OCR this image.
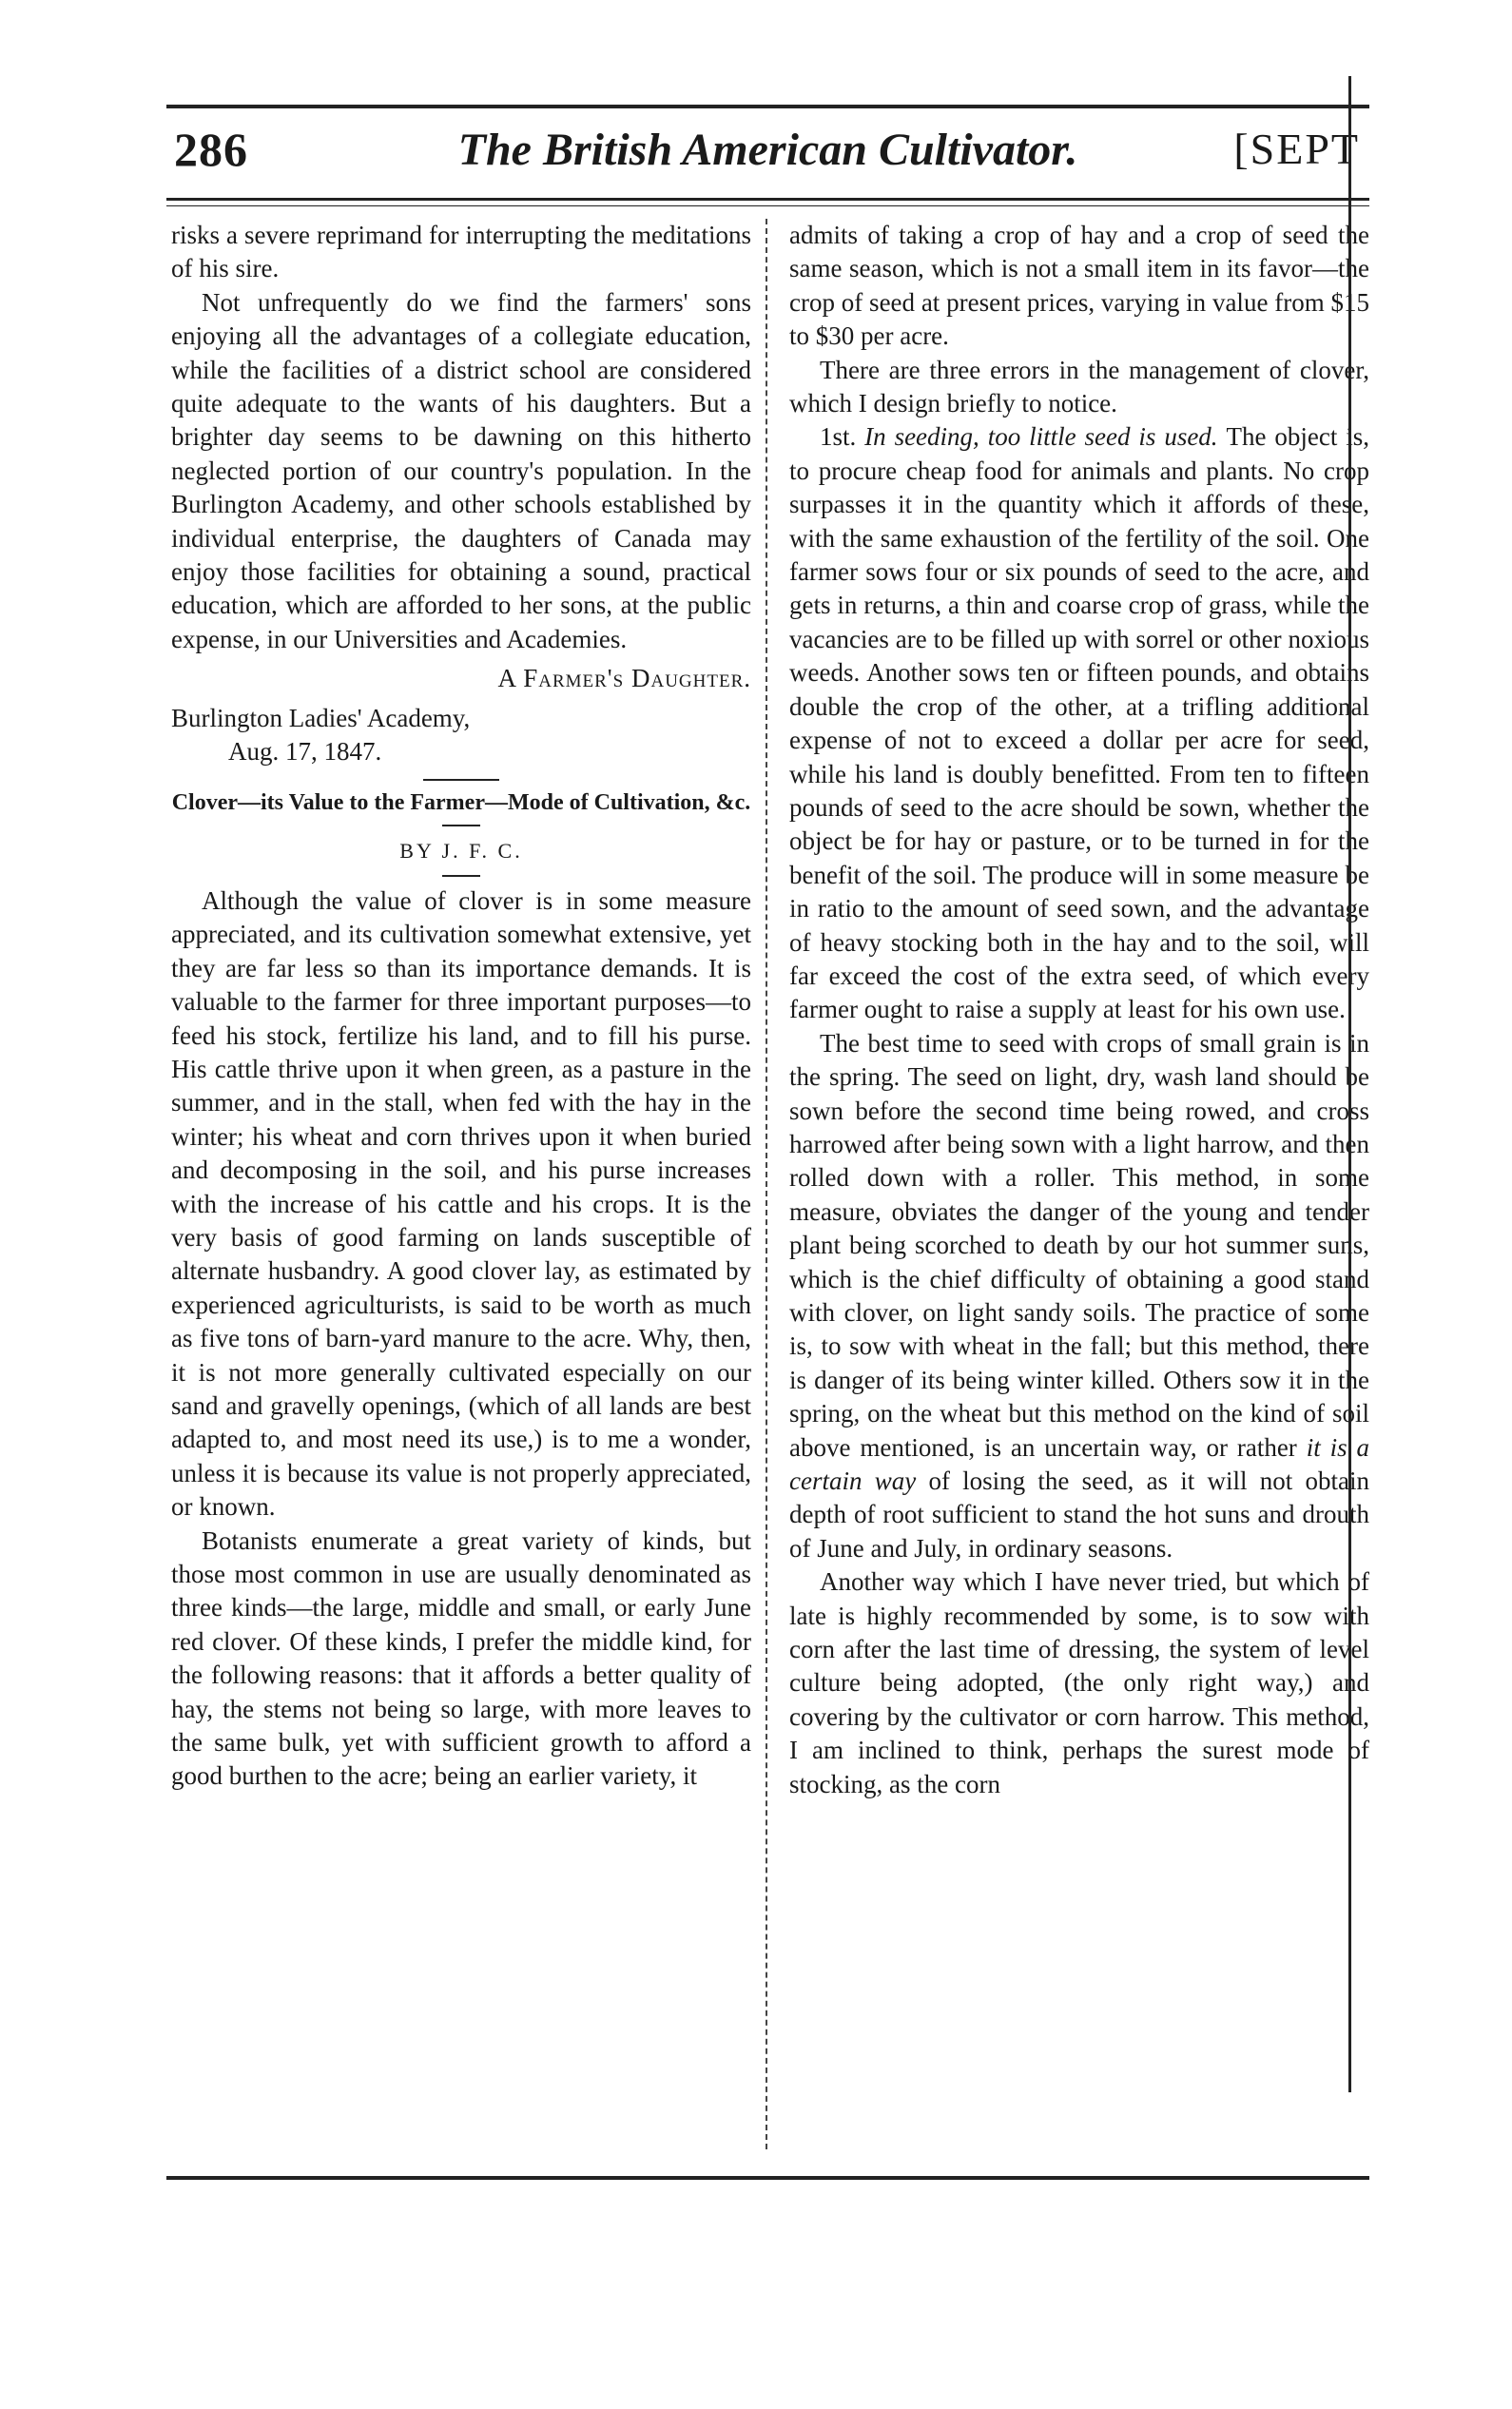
286	The British American Cultivator.	[SEPT

risks a severe reprimand for interrupting the meditations of his sire.

Not unfrequently do we find the farmers' sons enjoying all the advantages of a collegiate education, while the facilities of a district school are considered quite adequate to the wants of his daughters. But a brighter day seems to be dawning on this hitherto neglected portion of our country's population. In the Burlington Academy, and other schools established by individual enterprise, the daughters of Canada may enjoy those facilities for obtaining a sound, practical education, which are afforded to her sons, at the public expense, in our Universities and Academies.

A Farmer's Daughter.

Burlington Ladies' Academy,
Aug. 17, 1847.

Clover—its Value to the Farmer—Mode of Cultivation, &c.

BY J. F. C.

Although the value of clover is in some measure appreciated, and its cultivation somewhat extensive, yet they are far less so than its importance demands. It is valuable to the farmer for three important purposes—to feed his stock, fertilize his land, and to fill his purse. His cattle thrive upon it when green, as a pasture in the summer, and in the stall, when fed with the hay in the winter; his wheat and corn thrives upon it when buried and decomposing in the soil, and his purse increases with the increase of his cattle and his crops. It is the very basis of good farming on lands susceptible of alternate husbandry. A good clover lay, as estimated by experienced agriculturists, is said to be worth as much as five tons of barn-yard manure to the acre. Why, then, it is not more generally cultivated especially on our sand and gravelly openings, (which of all lands are best adapted to, and most need its use,) is to me a wonder, unless it is because its value is not properly appreciated, or known.

Botanists enumerate a great variety of kinds, but those most common in use are usually denominated as three kinds—the large, middle and small, or early June red clover. Of these kinds, I prefer the middle kind, for the following reasons: that it affords a better quality of hay, the stems not being so large, with more leaves to the same bulk, yet with sufficient growth to afford a good burthen to the acre; being an earlier variety, it

admits of taking a crop of hay and a crop of seed the same season, which is not a small item in its favor—the crop of seed at present prices, varying in value from $15 to $30 per acre.

There are three errors in the management of clover, which I design briefly to notice.

1st. In seeding, too little seed is used. The object is, to procure cheap food for animals and plants. No crop surpasses it in the quantity which it affords of these, with the same exhaustion of the fertility of the soil. One farmer sows four or six pounds of seed to the acre, and gets in returns, a thin and coarse crop of grass, while the vacancies are to be filled up with sorrel or other noxious weeds. Another sows ten or fifteen pounds, and obtains double the crop of the other, at a trifling additional expense of not to exceed a dollar per acre for seed, while his land is doubly benefitted. From ten to fifteen pounds of seed to the acre should be sown, whether the object be for hay or pasture, or to be turned in for the benefit of the soil. The produce will in some measure be in ratio to the amount of seed sown, and the advantage of heavy stocking both in the hay and to the soil, will far exceed the cost of the extra seed, of which every farmer ought to raise a supply at least for his own use.

The best time to seed with crops of small grain is in the spring. The seed on light, dry, wash land should be sown before the second time being rowed, and cross harrowed after being sown with a light harrow, and then rolled down with a roller. This method, in some measure, obviates the danger of the young and tender plant being scorched to death by our hot summer suns, which is the chief difficulty of obtaining a good stand with clover, on light sandy soils. The practice of some is, to sow with wheat in the fall; but this method, there is danger of its being winter killed. Others sow it in the spring, on the wheat but this method on the kind of soil above mentioned, is an uncertain way, or rather it is a certain way of losing the seed, as it will not obtain depth of root sufficient to stand the hot suns and drouth of June and July, in ordinary seasons.

Another way which I have never tried, but which of late is highly recommended by some, is to sow with corn after the last time of dressing, the system of level culture being adopted, (the only right way,) and covering by the cultivator or corn harrow. This method, I am inclined to think, perhaps the surest mode of stocking, as the corn
